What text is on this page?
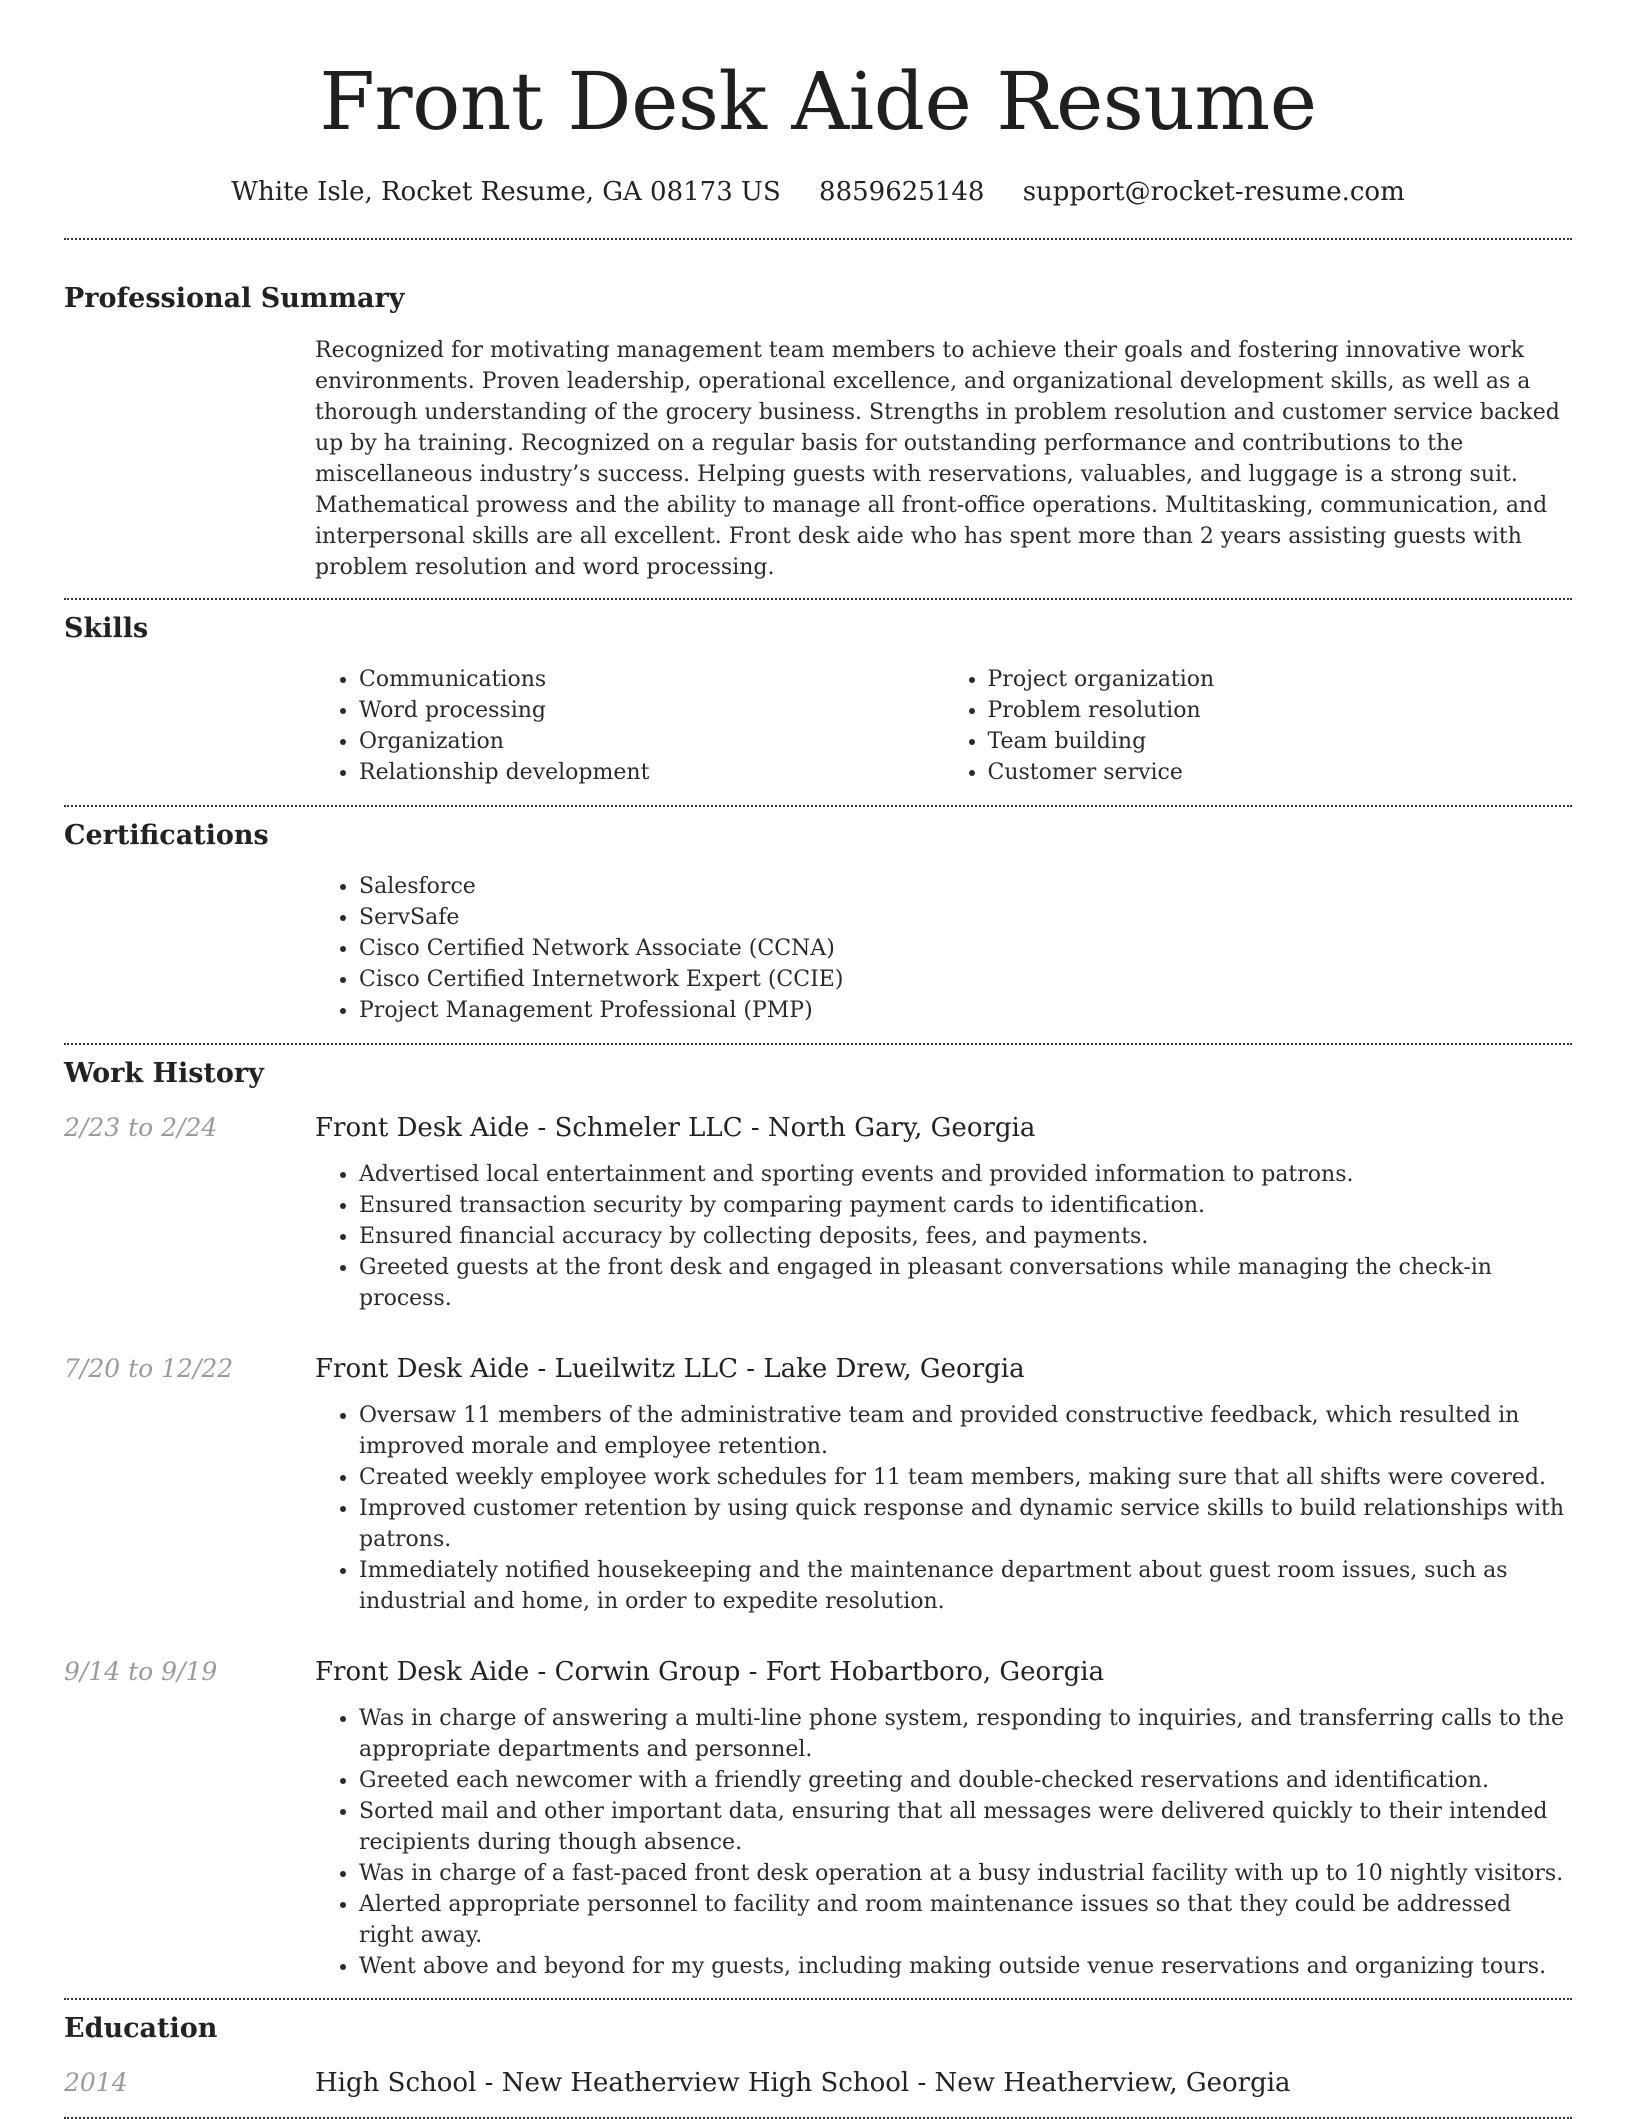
Front Desk Aide Resume
White Isle, Rocket Resume, GA 08173 US 8859625148 support@rocket-resume.com
Professional Summary
Recognized for motivating management team members to achieve their goals and fostering innovative work environments. Proven leadership, operational excellence, and organizational development skills, as well as a thorough understanding of the grocery business. Strengths in problem resolution and customer service backed up by ha training. Recognized on a regular basis for outstanding performance and contributions to the miscellaneous industry’s success. Helping guests with reservations, valuables, and luggage is a strong suit. Mathematical prowess and the ability to manage all front-office operations. Multitasking, communication, and interpersonal skills are all excellent. Front desk aide who has spent more than 2 years assisting guests with problem resolution and word processing.
Skills
• Communications
• Word processing
• Organization
• Relationship development
• Project organization
• Problem resolution
• Team building
• Customer service
Certifications
• Salesforce
• ServSafe
• Cisco Certified Network Associate (CCNA)
• Cisco Certified Internetwork Expert (CCIE)
• Project Management Professional (PMP)
Work History
2/23 to 2/24	Front Desk Aide - Schmeler LLC - North Gary, Georgia
• Advertised local entertainment and sporting events and provided information to patrons.
• Ensured transaction security by comparing payment cards to identification.
• Ensured financial accuracy by collecting deposits, fees, and payments.
• Greeted guests at the front desk and engaged in pleasant conversations while managing the check-in process.
7/20 to 12/22	Front Desk Aide - Lueilwitz LLC - Lake Drew, Georgia
• Oversaw 11 members of the administrative team and provided constructive feedback, which resulted in improved morale and employee retention.
• Created weekly employee work schedules for 11 team members, making sure that all shifts were covered.
• Improved customer retention by using quick response and dynamic service skills to build relationships with patrons.
• Immediately notified housekeeping and the maintenance department about guest room issues, such as industrial and home, in order to expedite resolution.
9/14 to 9/19	Front Desk Aide - Corwin Group - Fort Hobartboro, Georgia
• Was in charge of answering a multi-line phone system, responding to inquiries, and transferring calls to the appropriate departments and personnel.
• Greeted each newcomer with a friendly greeting and double-checked reservations and identification.
• Sorted mail and other important data, ensuring that all messages were delivered quickly to their intended recipients during though absence.
• Was in charge of a fast-paced front desk operation at a busy industrial facility with up to 10 nightly visitors.
• Alerted appropriate personnel to facility and room maintenance issues so that they could be addressed right away.
• Went above and beyond for my guests, including making outside venue reservations and organizing tours.
Education
2014	High School - New Heatherview High School - New Heatherview, Georgia
